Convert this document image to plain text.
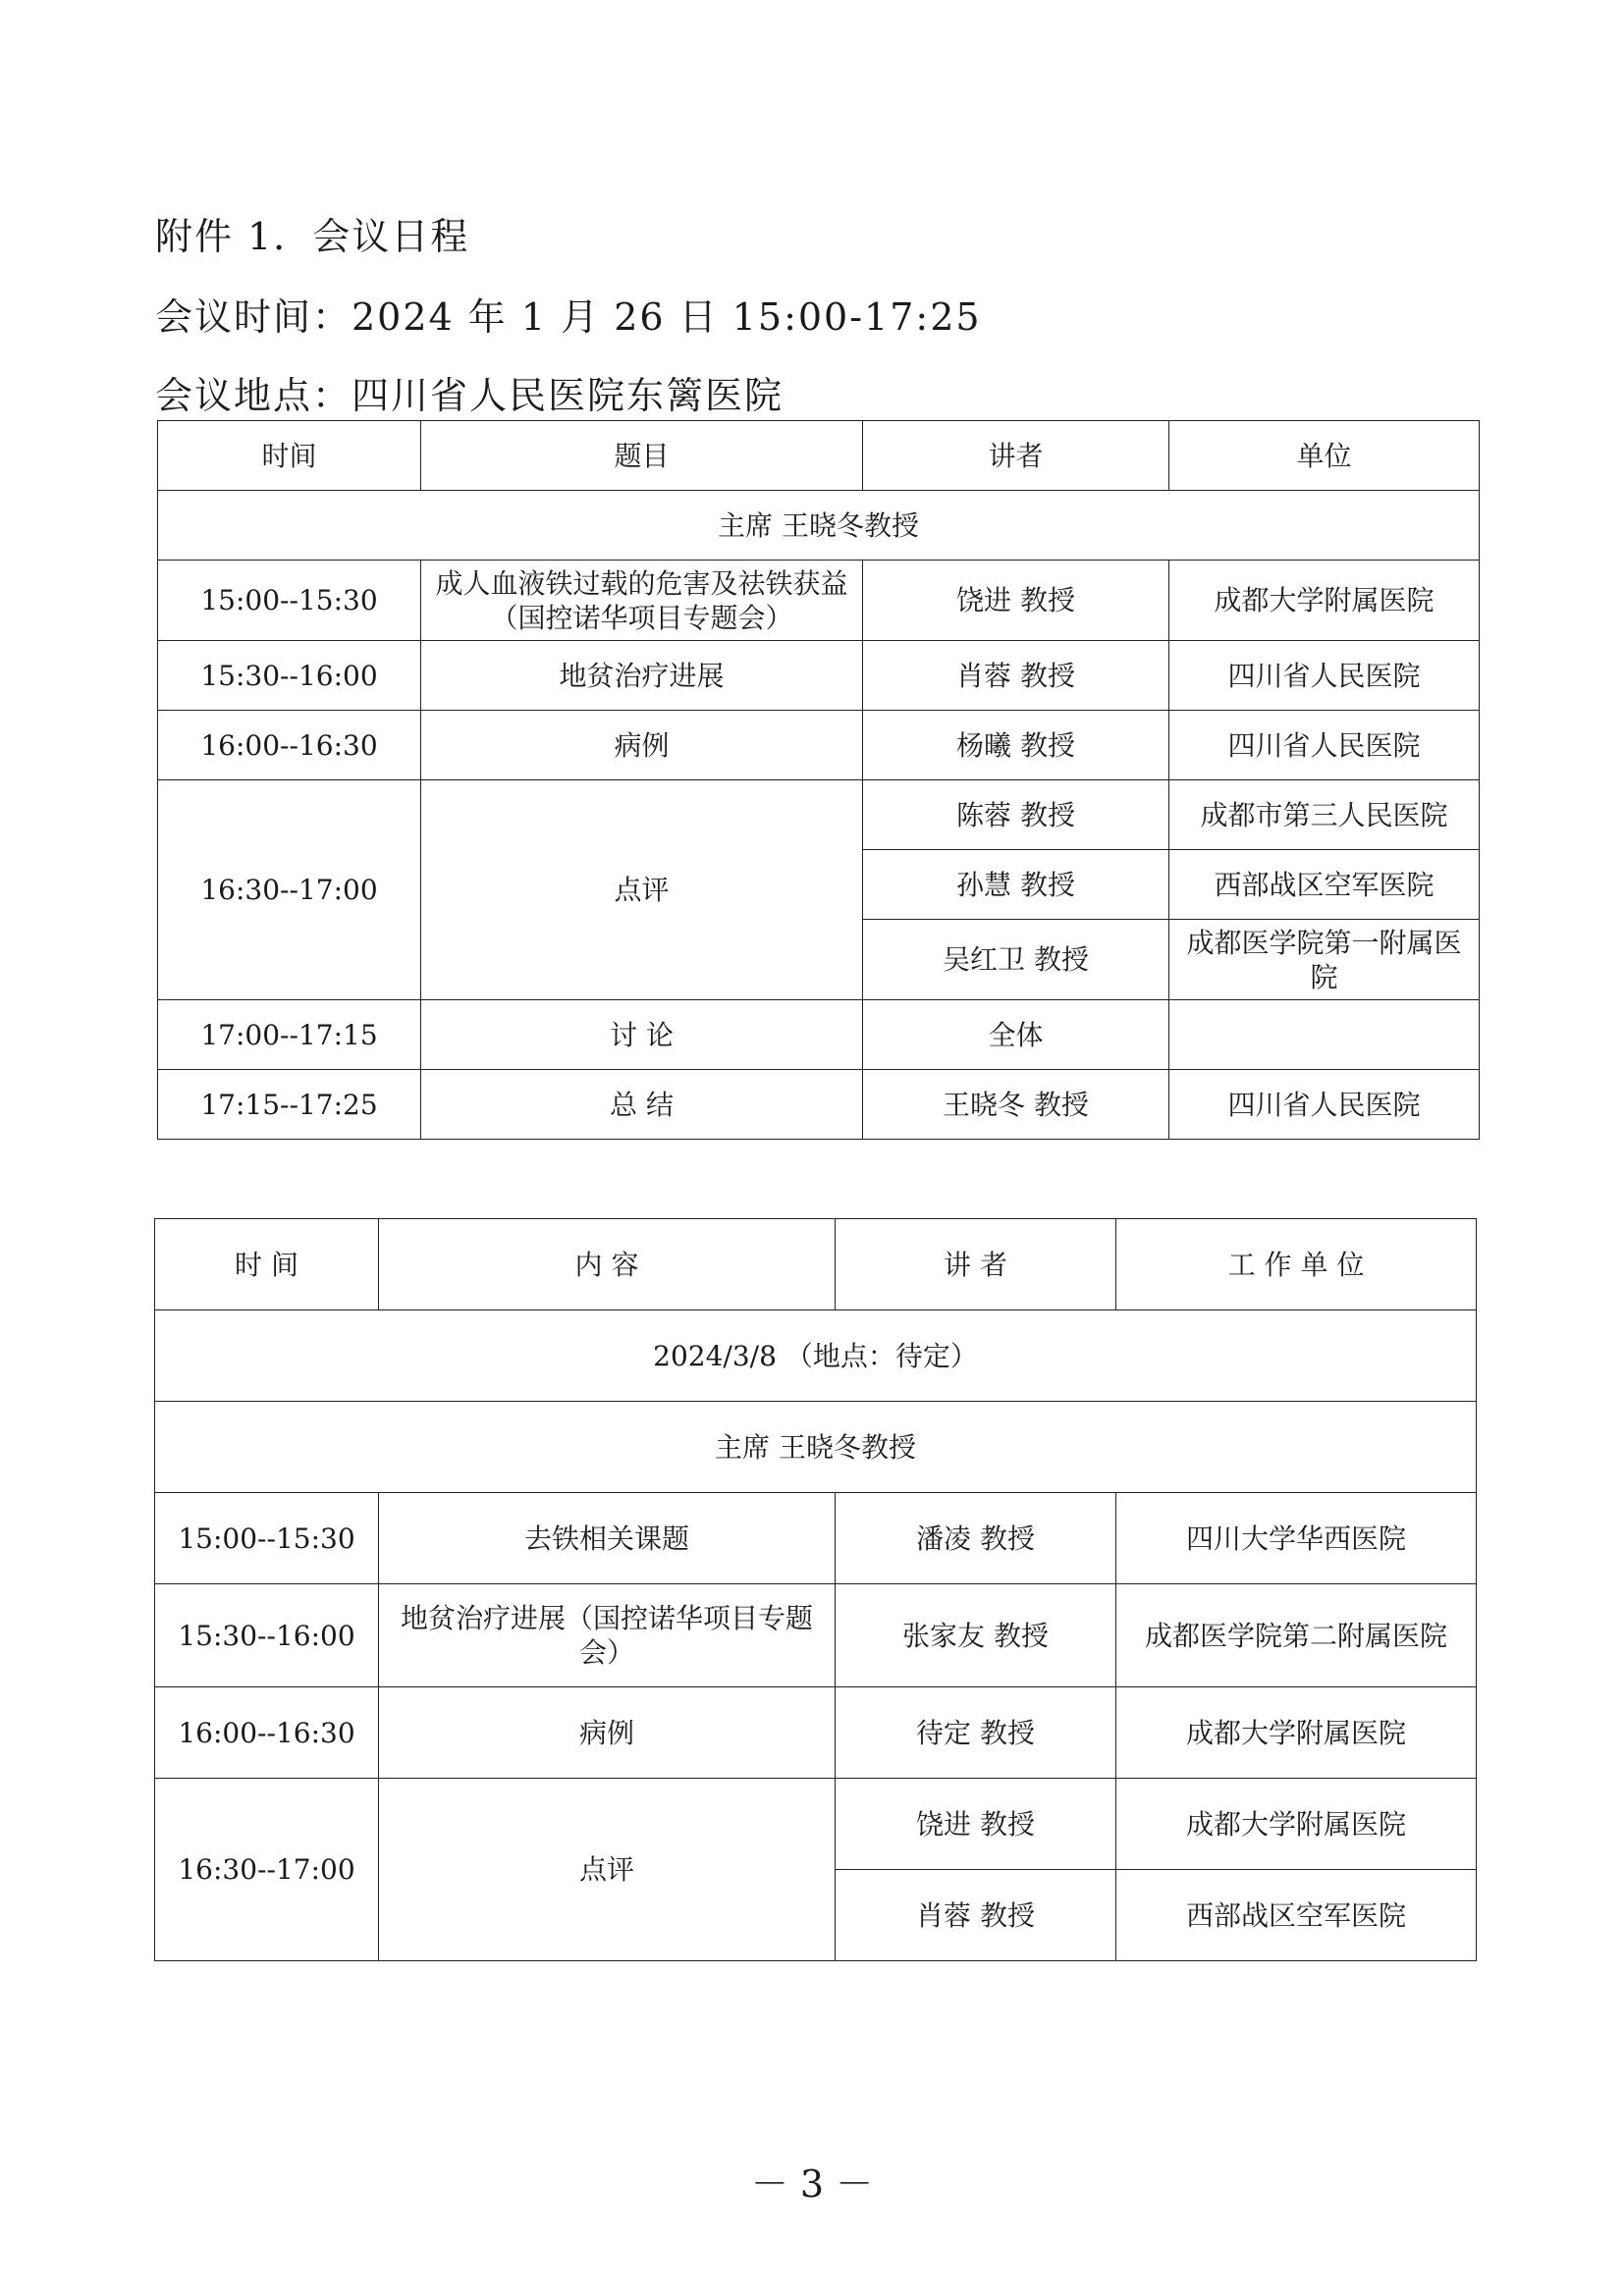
附件 1．会议日程
会议时间：2024 年 1 月 26 日 15:00-17:25
会议地点：四川省人民医院东篱医院
时间	题目	讲者	单位
主席 王晓冬教授			
15:00--15:30	成人血液铁过载的危害及祛铁获益（国控诺华项目专题会）	饶进 教授	成都大学附属医院
15:30--16:00	地贫治疗进展	肖蓉 教授	四川省人民医院
16:00--16:30	病例	杨曦 教授	四川省人民医院
16:30--17:00	点评	陈蓉 教授	成都市第三人民医院
		孙慧 教授	西部战区空军医院
		吴红卫 教授	成都医学院第一附属医院
17:00--17:15	讨 论	全体	
17:15--17:25	总 结	王晓冬 教授	四川省人民医院
时 间	内 容	讲 者	工 作 单 位
2024/3/8 （地点：待定）			
主席 王晓冬教授			
15:00--15:30	去铁相关课题	潘凌 教授	四川大学华西医院
15:30--16:00	地贫治疗进展（国控诺华项目专题会）	张家友 教授	成都医学院第二附属医院
16:00--16:30	病例	待定 教授	成都大学附属医院
16:30--17:00	点评	饶进 教授	成都大学附属医院
		肖蓉 教授	西部战区空军医院
－ 3 －
